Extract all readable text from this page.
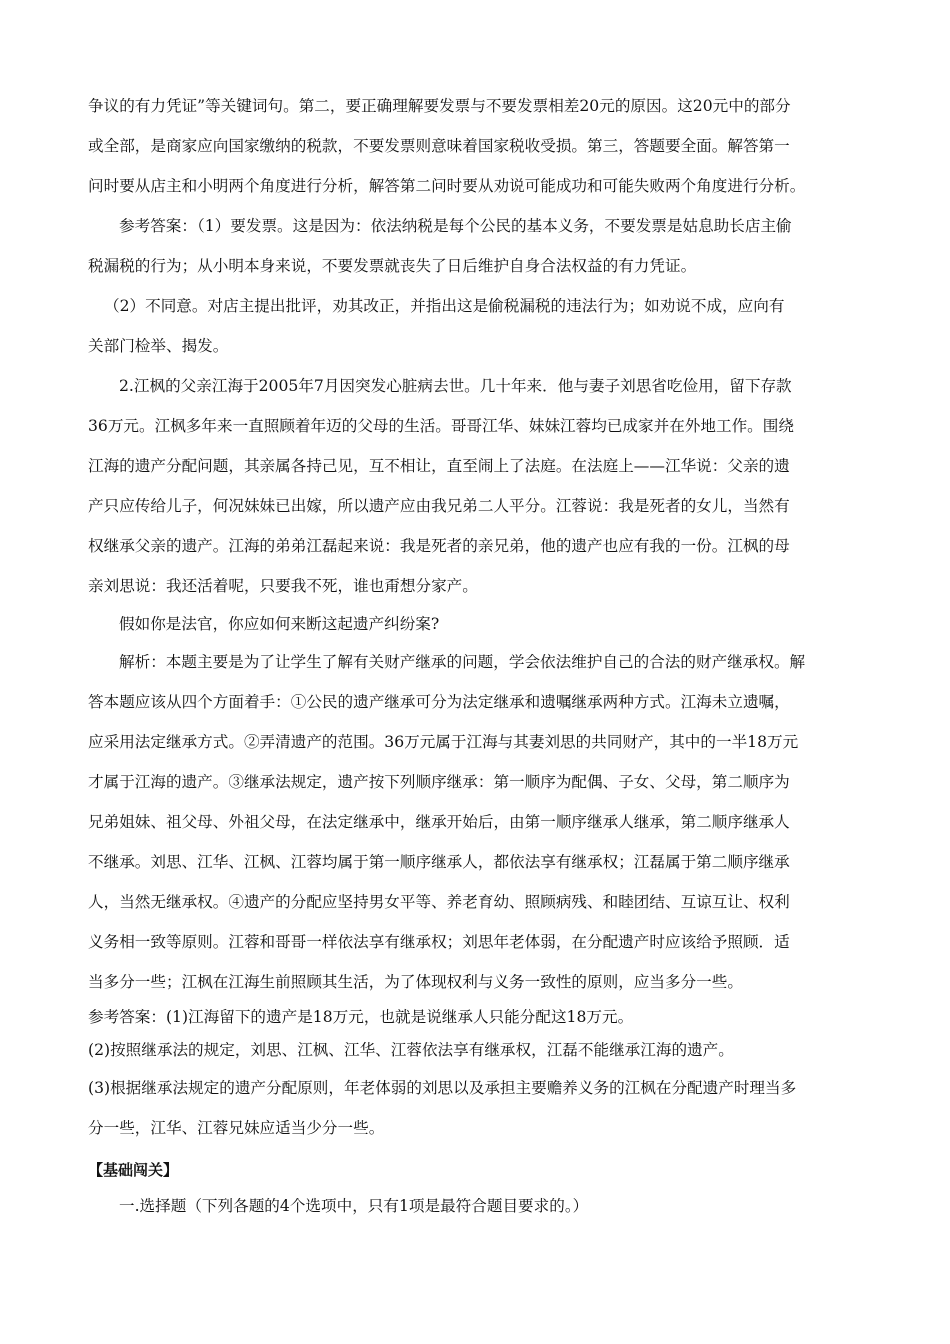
争议的有力凭证”等关键词句。第二，要正确理解要发票与不要发票相差20元的原因。这20元中的部分
或全部，是商家应向国家缴纳的税款，不要发票则意味着国家税收受损。第三，答题要全面。解答第一
问时要从店主和小明两个角度进行分析，解答第二问时要从劝说可能成功和可能失败两个角度进行分析。
参考答案：（1）要发票。这是因为：依法纳税是每个公民的基本义务，不要发票是姑息助长店主偷
税漏税的行为；从小明本身来说，不要发票就丧失了日后维护自身合法权益的有力凭证。
（2）不同意。对店主提出批评，劝其改正，并指出这是偷税漏税的违法行为；如劝说不成，应向有
关部门检举、揭发。
2.江枫的父亲江海于2005年7月因突发心脏病去世。几十年来．他与妻子刘思省吃俭用，留下存款
36万元。江枫多年来一直照顾着年迈的父母的生活。哥哥江华、妹妹江蓉均已成家并在外地工作。围绕
江海的遗产分配问题，其亲属各持己见，互不相让，直至闹上了法庭。在法庭上——江华说：父亲的遗
产只应传给儿子，何况妹妹已出嫁，所以遗产应由我兄弟二人平分。江蓉说：我是死者的女儿，当然有
权继承父亲的遗产。江海的弟弟江磊起来说：我是死者的亲兄弟，他的遗产也应有我的一份。江枫的母
亲刘思说：我还活着呢，只要我不死，谁也甭想分家产。
假如你是法官，你应如何来断这起遗产纠纷案?
解析：本题主要是为了让学生了解有关财产继承的问题，学会依法维护自己的合法的财产继承权。解
答本题应该从四个方面着手：①公民的遗产继承可分为法定继承和遗嘱继承两种方式。江海未立遗嘱，
应采用法定继承方式。②弄清遗产的范围。36万元属于江海与其妻刘思的共同财产，其中的一半18万元
才属于江海的遗产。③继承法规定，遗产按下列顺序继承：第一顺序为配偶、子女、父母，第二顺序为
兄弟姐妹、祖父母、外祖父母，在法定继承中，继承开始后，由第一顺序继承人继承，第二顺序继承人
不继承。刘思、江华、江枫、江蓉均属于第一顺序继承人，都依法享有继承权；江磊属于第二顺序继承
人，当然无继承权。④遗产的分配应坚持男女平等、养老育幼、照顾病残、和睦团结、互谅互让、权利
义务相一致等原则。江蓉和哥哥一样依法享有继承权；刘思年老体弱，在分配遗产时应该给予照顾．适
当多分一些；江枫在江海生前照顾其生活，为了体现权利与义务一致性的原则，应当多分一些。
参考答案：(1)江海留下的遗产是18万元，也就是说继承人只能分配这18万元。
(2)按照继承法的规定，刘思、江枫、江华、江蓉依法享有继承权，江磊不能继承江海的遗产。
(3)根据继承法规定的遗产分配原则，年老体弱的刘思以及承担主要赡养义务的江枫在分配遗产时理当多
分一些，江华、江蓉兄妹应适当少分一些。
【基础闯关】
一.选择题（下列各题的4个选项中，只有1项是最符合题目要求的。）
